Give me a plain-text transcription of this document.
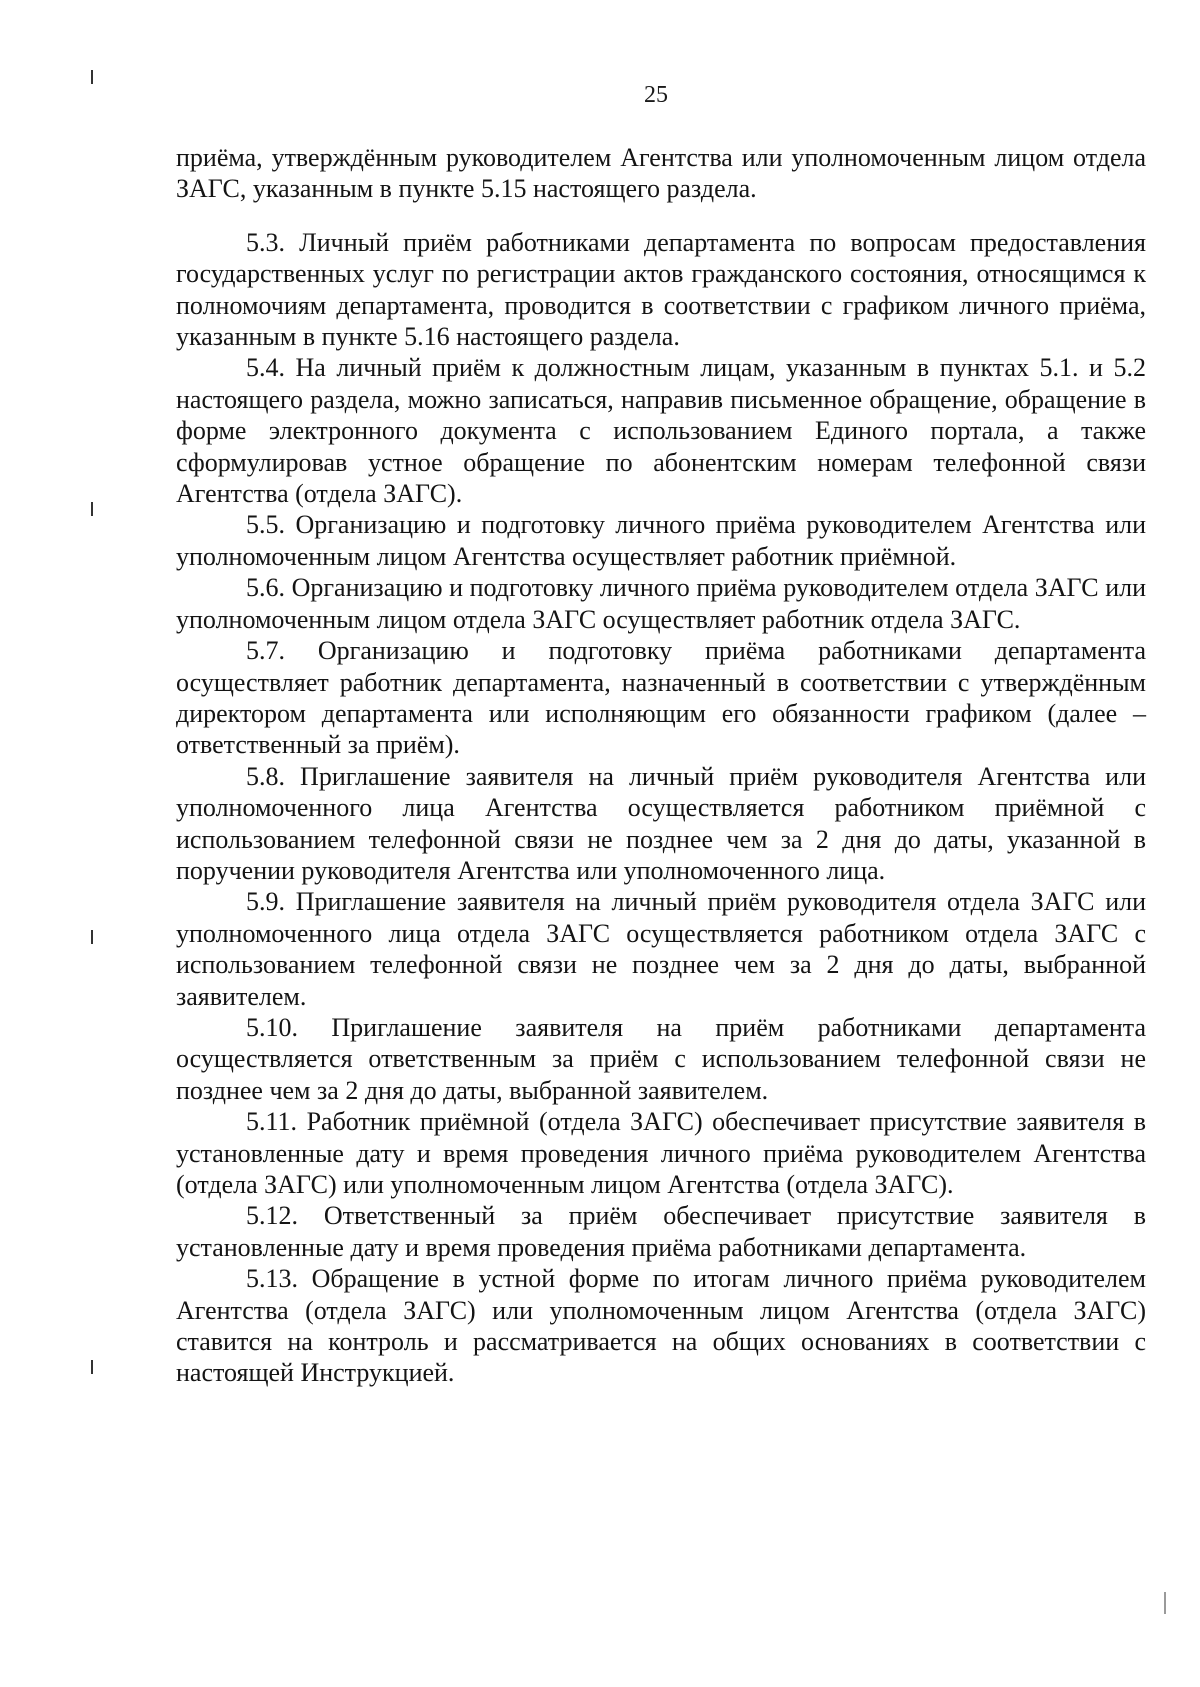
25

приёма, утверждённым руководителем Агентства или уполномоченным лицом отдела ЗАГС, указанным в пункте 5.15 настоящего раздела.

5.3. Личный приём работниками департамента по вопросам предоставления государственных услуг по регистрации актов гражданского состояния, относящимся к полномочиям департамента, проводится в соответствии с графиком личного приёма, указанным в пункте 5.16 настоящего раздела.

5.4. На личный приём к должностным лицам, указанным в пунктах 5.1. и 5.2 настоящего раздела, можно записаться, направив письменное обращение, обращение в форме электронного документа с использованием Единого портала, а также сформулировав устное обращение по абонентским номерам телефонной связи Агентства (отдела ЗАГС).

5.5. Организацию и подготовку личного приёма руководителем Агентства или уполномоченным лицом Агентства осуществляет работник приёмной.

5.6. Организацию и подготовку личного приёма руководителем отдела ЗАГС или уполномоченным лицом отдела ЗАГС осуществляет работник отдела ЗАГС.

5.7. Организацию и подготовку приёма работниками департамента осуществляет работник департамента, назначенный в соответствии с утверждённым директором департамента или исполняющим его обязанности графиком (далее – ответственный за приём).

5.8. Приглашение заявителя на личный приём руководителя Агентства или уполномоченного лица Агентства осуществляется работником приёмной с использованием телефонной связи не позднее чем за 2 дня до даты, указанной в поручении руководителя Агентства или уполномоченного лица.

5.9. Приглашение заявителя на личный приём руководителя отдела ЗАГС или уполномоченного лица отдела ЗАГС осуществляется работником отдела ЗАГС с использованием телефонной связи не позднее чем за 2 дня до даты, выбранной заявителем.

5.10. Приглашение заявителя на приём работниками департамента осуществляется ответственным за приём с использованием телефонной связи не позднее чем за 2 дня до даты, выбранной заявителем.

5.11. Работник приёмной (отдела ЗАГС) обеспечивает присутствие заявителя в установленные дату и время проведения личного приёма руководителем Агентства (отдела ЗАГС) или уполномоченным лицом Агентства (отдела ЗАГС).

5.12. Ответственный за приём обеспечивает присутствие заявителя в установленные дату и время проведения приёма работниками департамента.

5.13. Обращение в устной форме по итогам личного приёма руководителем Агентства (отдела ЗАГС) или уполномоченным лицом Агентства (отдела ЗАГС) ставится на контроль и рассматривается на общих основаниях в соответствии с настоящей Инструкцией.
